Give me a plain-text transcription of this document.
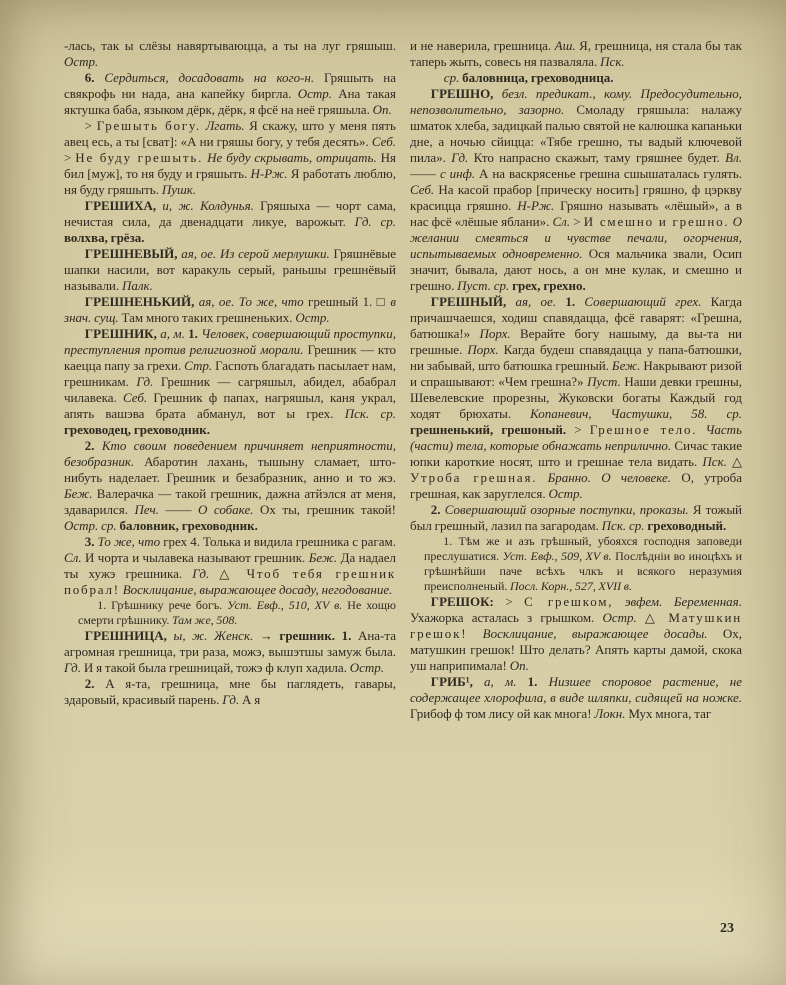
-лась, так ы слёзы навяртываюцца, а ты на луг гряшыш. Остр.

6. Сердиться, досадовать на кого-н. Гряшыть на свякрофь ни нада, ана капейку биргла. Остр. Ана такая яктушка баба, языком дёрк, дёрк, я фсё на неё гряшыла. Оп.

> Грешыть богу. Лгать. Я скажу, што у меня пять авец есь, а ты [сват]: «А ни гряшы богу, у тебя десять». Себ. > Не буду грешыть. Не буду скрывать, отрицать. Ня бил [муж], то ня буду и гряшыть. Н-Рж. Я работать люблю, ня буду гряшыть. Пушк.

ГРЕШИХА, и, ж. Колдунья. Гряшыха — чорт сама, нечистая сила, да двенадцати ликуе, варожыт. Гд. ср. волхва, грёза.

ГРЕШНЕВЫЙ, ая, ое. Из серой мерлушки. Гряшнёвые шапки насили, вот каракуль серый, раньшы грешнёвый называли. Палк.

ГРЕШНЕНЬКИЙ, ая, ое. То же, что грешный 1. □ в знач. сущ. Там много таких грешненьких. Остр.

ГРЕШНИК, а, м. 1. Человек, совершающий проступки, преступления против религиозной морали. Грешник — кто каецца папу за грехи. Стр. Гаспоть благадать пасылает нам, грешникам. Гд. Грешник — сагряшыл, абидел, абабрал чилавека. Себ. Грешник ф папах, нагряшыл, каня украл, апять вашэва брата абманул, вот ы грех. Пск. ср. греховодец, греховодник.

2. Кто своим поведением причиняет неприятности, безобразник. Абаротин лахань, тышыну сламает, што-нибуть наделает. Грешник и безабразник, анно и то жэ. Беж. Валерачка — такой грешник, дажна атйэлся ат меня, здаварился. Печ. —— О собаке. Ох ты, грешник такой! Остр. ср. баловник, греховодник.

3. То же, что грех 4. Толька и видила грешника с рагам. Сл. И чорта и чылавека называют грешник. Беж. Да надаел ты хужэ грешника. Гд. △ Чтоб тебя грешник побрал! Восклицание, выражающее досаду, негодование.

1. Грѣшнику рече богъ. Уст. Евф., 510, XV в. Не хощю смерти грѣшнику. Там же, 508.

ГРЕШНИЦА, ы, ж. Женск. → грешник. 1. Ана-та агромная грешница, три раза, можэ, вышэтшы замуж была. Гд. И я такой была грешницай, тожэ ф клуп хадила. Остр.

2. А я-та, грешница, мне бы паглядеть, гавары, здаровый, красивый парень. Гд. А я

и не наверила, грешница. Аш. Я, грешница, ня стала бы так таперь жыть, совесь ня пазваляла. Пск.

ср. баловница, греховодница.

ГРЕШНО, безл. предикат., кому. Предосудительно, непозволительно, зазорно. Смоладу гряшыла: налажу шматок хлеба, задицкай палью святой не калюшка капаньки дне, а ночью сйицца: «Тябе грешно, ты вадый ключевой пила». Гд. Кто напрасно скажыт, таму гряшнее будет. Вл. —— с инф. А на васкрясенье грешна сшышаталась гулять. Себ. На касой прабор [прическу носить] гряшно, ф цэркву красицца гряшно. Н-Рж. Гряшно называть «лёшый», а в нас фсё «лёшые яблани». Сл. > И смешно и грешно. О желании смеяться и чувстве печали, огорчения, испытываемых одновременно. Ося мальчика звали, Осип значит, бывала, дают нось, а он мне кулак, и смешно и грешно. Пуст. ср. грех, грехно.

ГРЕШНЫЙ, ая, ое. 1. Совершающий грех. Кагда причашчаешся, ходиш спавядацца, фсё гаварят: «Грешна, батюшка!» Порх. Верайте богу нашыму, да вы-та ни грешные. Порх. Кагда будеш спавядацца у папа-батюшки, ни забывай, што батюшка грешный. Беж. Накрывают ризой и спрашывают: «Чем грешна?» Пуст. Наши девки грешны, Шевелевские прорезны, Жуковски богаты Каждый год ходят брюхаты. Копаневич, Частушки, 58. ср. грешненький, грешоный. > Грешное тело. Часть (части) тела, которые обнажать неприлично. Сичас такие юпки кароткие носят, што и грешнае тела видать. Пск. △ Утроба грешная. Бранно. О человеке. О, утроба грешная, как заруглелся. Остр.

2. Совершающий озорные поступки, проказы. Я тожый был грешный, лазил па загародам. Пск. ср. греховодный.

1. Тѣм же и азъ грѣшный, убояхся господня заповеди преслушатися. Уст. Евф., 509, XV в. Послѣдніи во иноцѣхъ и грѣшнѣйши паче всѣхъ члкъ и всякого неразумия преисполненый. Посл. Корн., 527, XVII в.

ГРЕШОК: > С грешком, эвфем. Беременная. Ухажорка асталась з грышком. Остр. △ Матушкин грешок! Восклицание, выражающее досады. Ох, матушкин грешок! Што делать? Апять карты дамой, скока уш наприпимала! Оп.

ГРИБ¹, а, м. 1. Низшее споровое растение, не содержащее хлорофила, в виде шляпки, сидящей на ножке. Грибоф ф том лису ой как многа! Локн. Мух многа, таг

23
